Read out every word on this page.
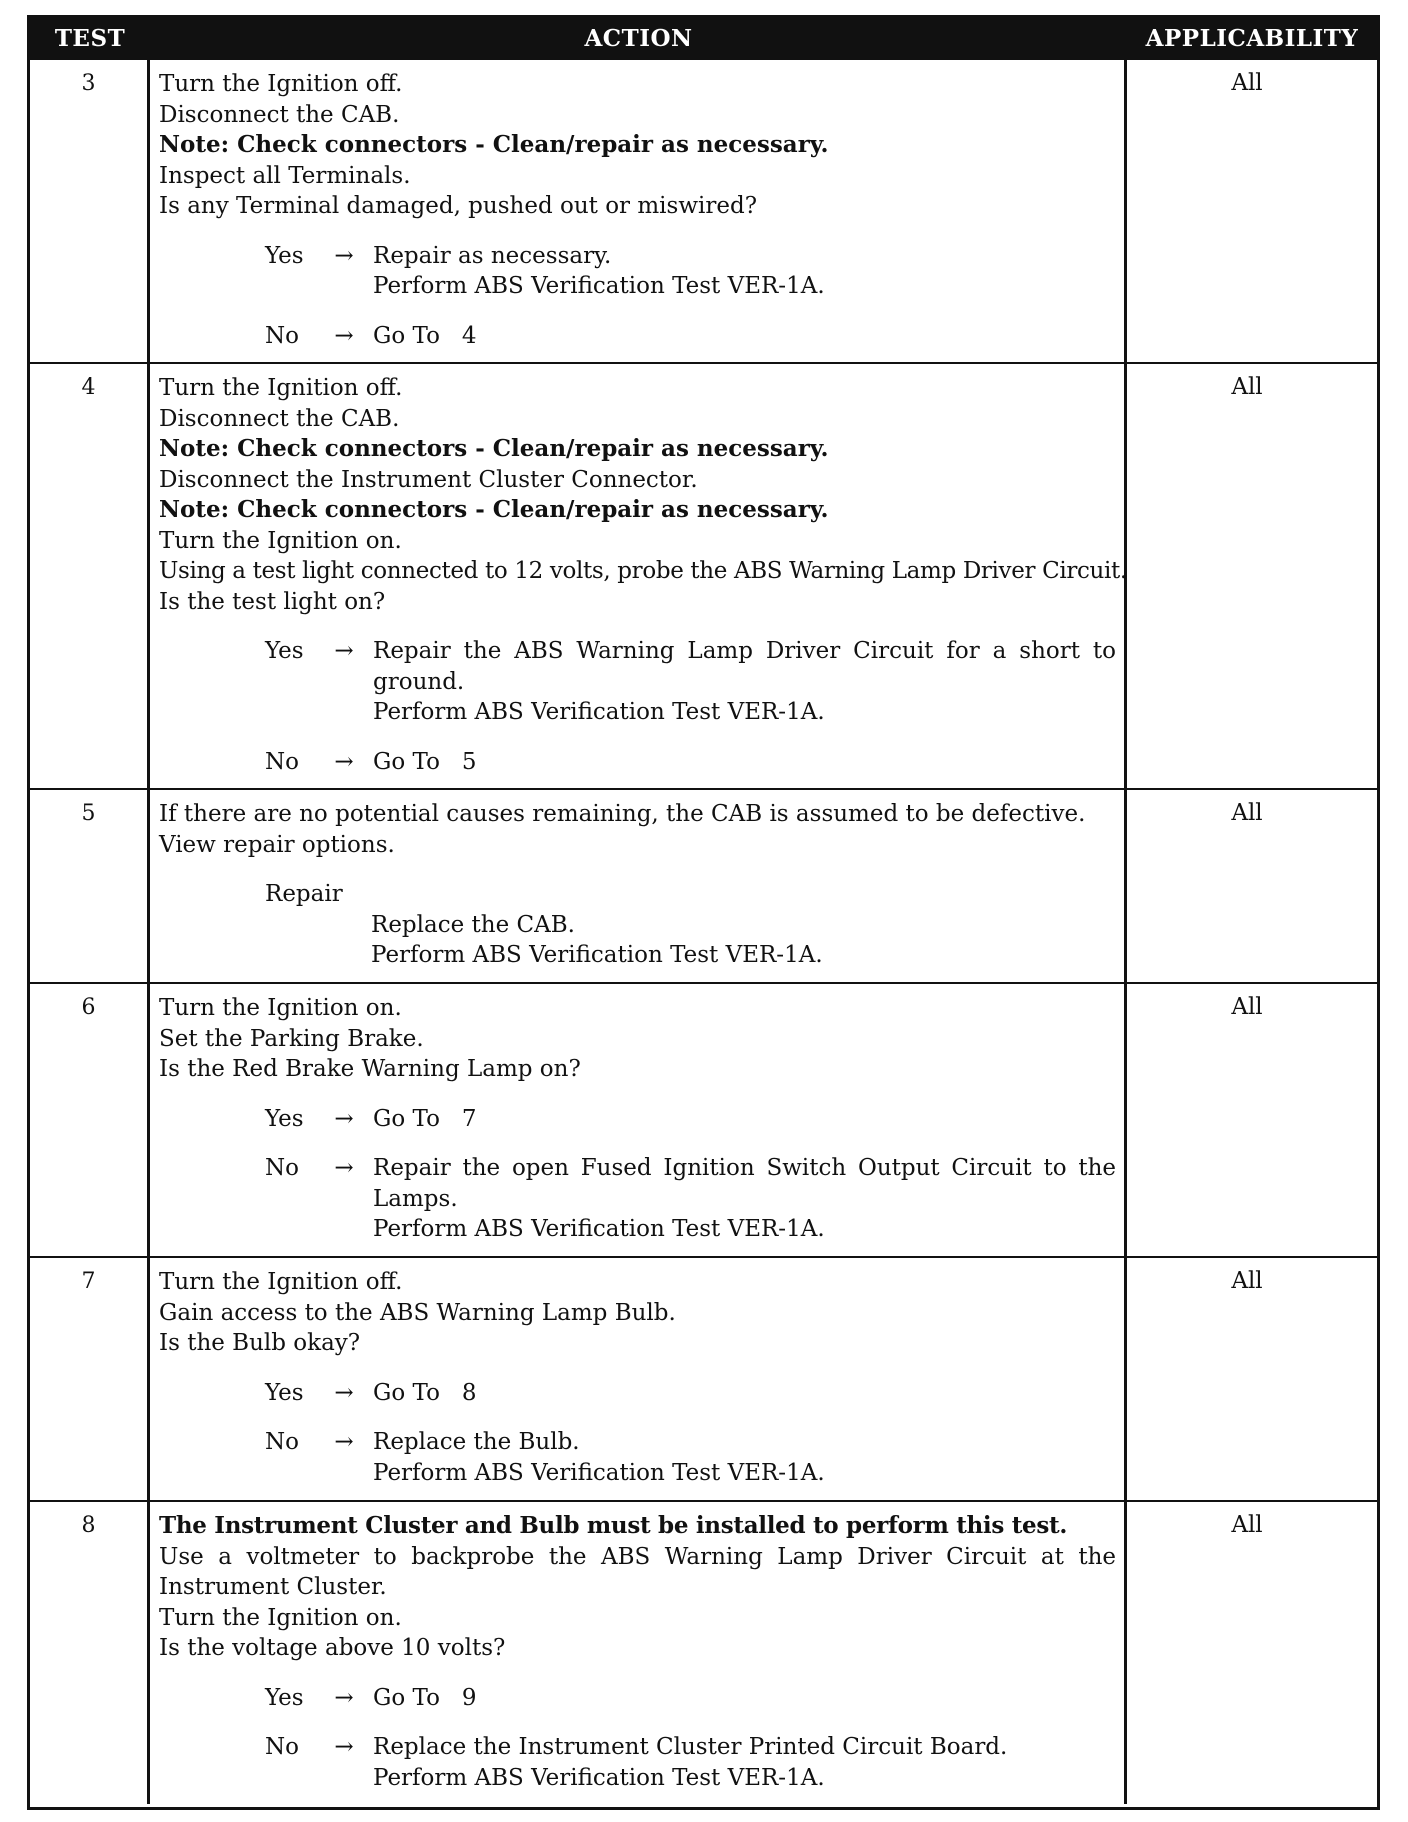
TEST	ACTION	APPLICABILITY
3	Turn the Ignition off.
Disconnect the CAB.
Note: Check connectors - Clean/repair as necessary.
Inspect all Terminals.
Is any Terminal damaged, pushed out or miswired?
Yes	→ Repair as necessary.
Perform ABS Verification Test VER-1A.
No	→ Go To   4
All
4	Turn the Ignition off.
Disconnect the CAB.
Note: Check connectors - Clean/repair as necessary.
Disconnect the Instrument Cluster Connector.
Note: Check connectors - Clean/repair as necessary.
Turn the Ignition on.
Using a test light connected to 12 volts, probe the ABS Warning Lamp Driver Circuit.
Is the test light on?
Yes	→ Repair the ABS Warning Lamp Driver Circuit for a short to ground.
Perform ABS Verification Test VER-1A.
No	→ Go To   5
All
5	If there are no potential causes remaining, the CAB is assumed to be defective.
View repair options.
Repair
Replace the CAB.
Perform ABS Verification Test VER-1A.
All
6	Turn the Ignition on.
Set the Parking Brake.
Is the Red Brake Warning Lamp on?
Yes	→ Go To   7
No	→ Repair the open Fused Ignition Switch Output Circuit to the Lamps.
Perform ABS Verification Test VER-1A.
All
7	Turn the Ignition off.
Gain access to the ABS Warning Lamp Bulb.
Is the Bulb okay?
Yes	→ Go To   8
No	→ Replace the Bulb.
Perform ABS Verification Test VER-1A.
All
8	The Instrument Cluster and Bulb must be installed to perform this test.
Use a voltmeter to backprobe the ABS Warning Lamp Driver Circuit at the Instrument Cluster.
Turn the Ignition on.
Is the voltage above 10 volts?
Yes	→ Go To   9
No	→ Replace the Instrument Cluster Printed Circuit Board.
Perform ABS Verification Test VER-1A.
All
